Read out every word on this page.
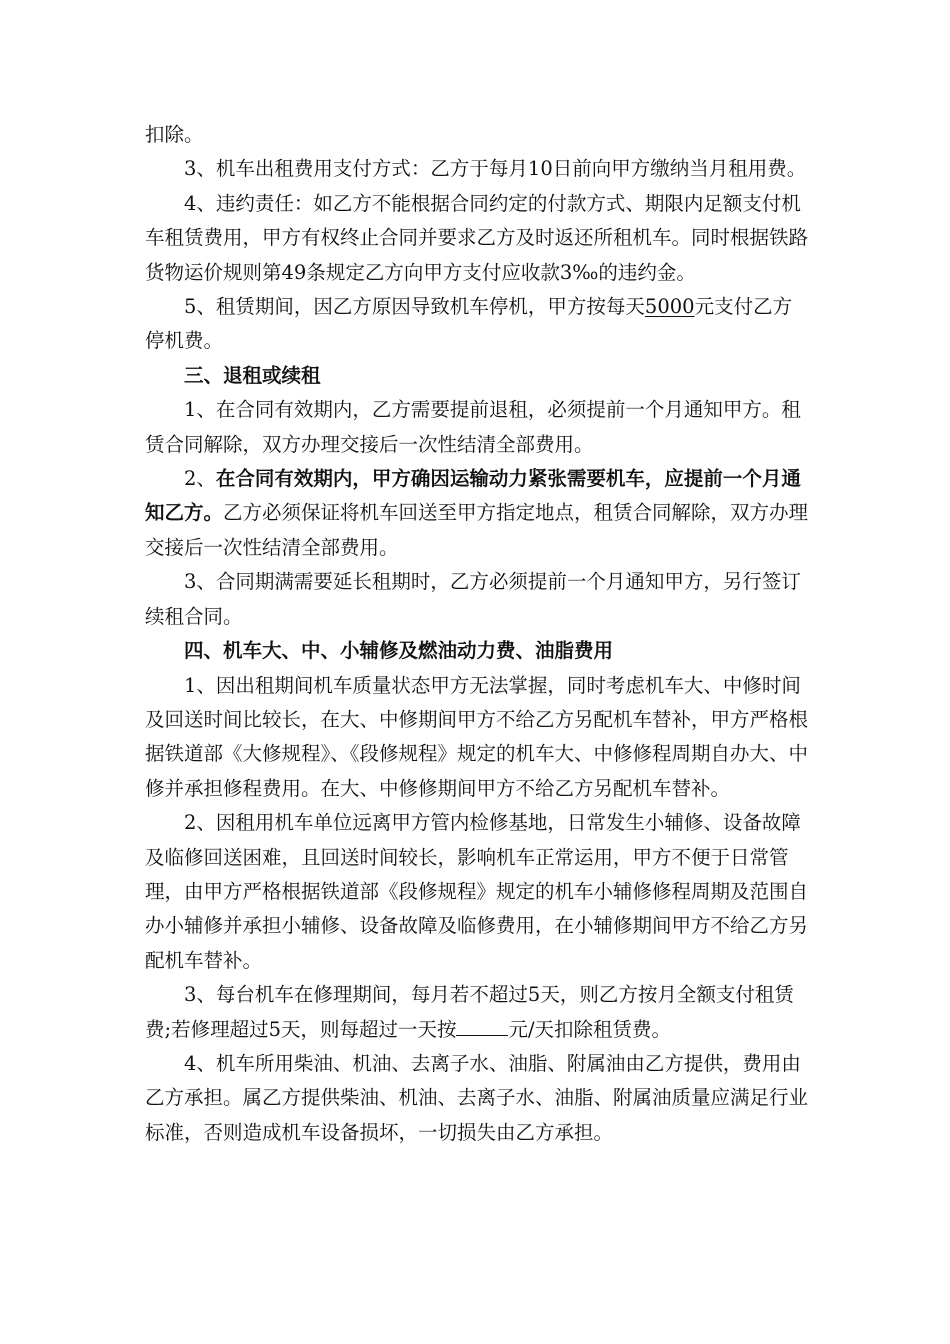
扣除。

3、机车出租费用支付方式：乙方于每月10日前向甲方缴纳当月租用费。

4、违约责任：如乙方不能根据合同约定的付款方式、期限内足额支付机车租赁费用，甲方有权终止合同并要求乙方及时返还所租机车。同时根据铁路货物运价规则第49条规定乙方向甲方支付应收款3‰的违约金。

5、租赁期间，因乙方原因导致机车停机，甲方按每天5000元支付乙方停机费。

三、退租或续租

1、在合同有效期内，乙方需要提前退租，必须提前一个月通知甲方。租赁合同解除，双方办理交接后一次性结清全部费用。

2、在合同有效期内，甲方确因运输动力紧张需要机车，应提前一个月通知乙方。乙方必须保证将机车回送至甲方指定地点，租赁合同解除，双方办理交接后一次性结清全部费用。

3、合同期满需要延长租期时，乙方必须提前一个月通知甲方，另行签订续租合同。

四、机车大、中、小辅修及燃油动力费、油脂费用

1、因出租期间机车质量状态甲方无法掌握，同时考虑机车大、中修时间及回送时间比较长，在大、中修期间甲方不给乙方另配机车替补，甲方严格根据铁道部《大修规程》、《段修规程》规定的机车大、中修修程周期自办大、中修并承担修程费用。在大、中修修期间甲方不给乙方另配机车替补。

2、因租用机车单位远离甲方管内检修基地，日常发生小辅修、设备故障及临修回送困难，且回送时间较长，影响机车正常运用，甲方不便于日常管理，由甲方严格根据铁道部《段修规程》规定的机车小辅修修程周期及范围自办小辅修并承担小辅修、设备故障及临修费用，在小辅修期间甲方不给乙方另配机车替补。

3、每台机车在修理期间，每月若不超过5天，则乙方按月全额支付租赁费;若修理超过5天，则每超过一天按	元/天扣除租赁费。

4、机车所用柴油、机油、去离子水、油脂、附属油由乙方提供，费用由乙方承担。属乙方提供柴油、机油、去离子水、油脂、附属油质量应满足行业标准，否则造成机车设备损坏，一切损失由乙方承担。
